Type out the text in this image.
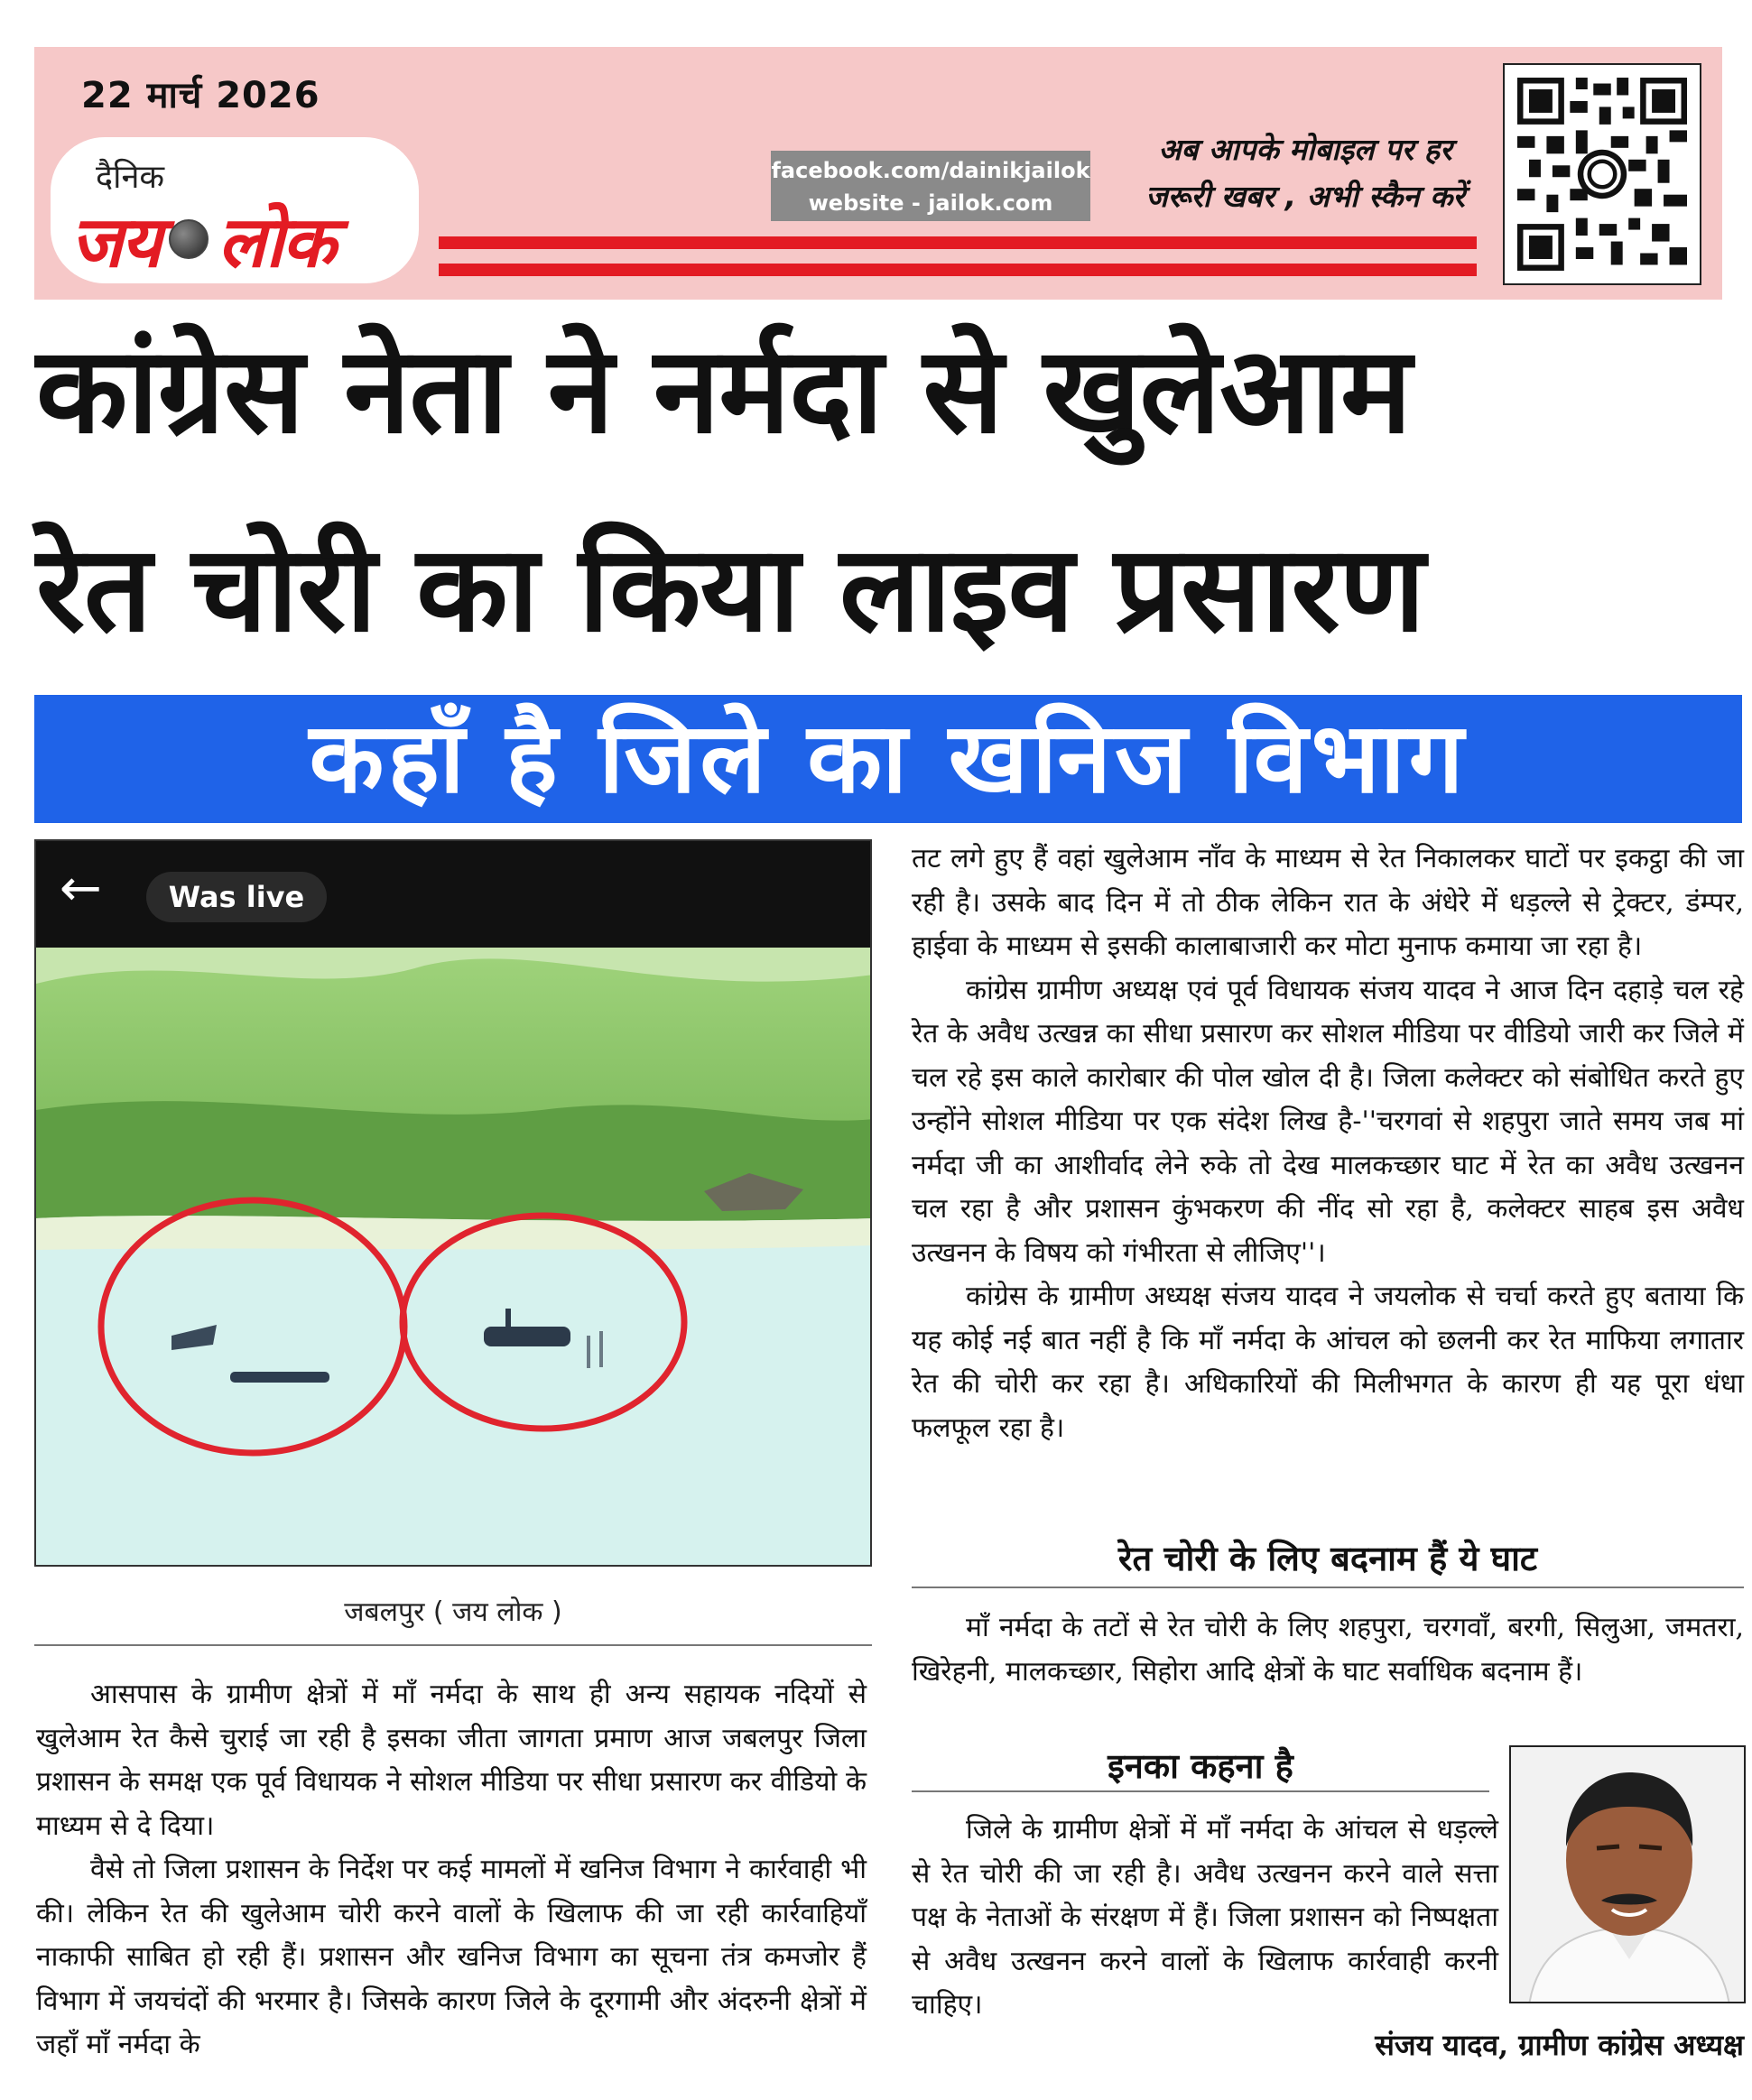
22 मार्च 2026
दैनिक
जय लोक
facebook.com/dainikjailok
website - jailok.com
अब आपके मोबाइल पर हर
जरूरी खबर , अभी स्कैन करें
कांग्रेस नेता ने नर्मदा से खुलेआम
रेत चोरी का किया लाइव प्रसारण
कहाँ है जिले का खनिज विभाग
←	Was live
जबलपुर ( जय लोक )

आसपास के ग्रामीण क्षेत्रों में माँ नर्मदा के साथ ही अन्य सहायक नदियों से खुलेआम रेत कैसे चुराई जा रही है इसका जीता जागता प्रमाण आज जबलपुर जिला प्रशासन के समक्ष एक पूर्व विधायक ने सोशल मीडिया पर सीधा प्रसारण कर वीडियो के माध्यम से दे दिया।

वैसे तो जिला प्रशासन के निर्देश पर कई मामलों में खनिज विभाग ने कार्रवाही भी की। लेकिन रेत की खुलेआम चोरी करने वालों के खिलाफ की जा रही कार्रवाहियाँ नाकाफी साबित हो रही हैं। प्रशासन और खनिज विभाग का सूचना तंत्र कमजोर हैं विभाग में जयचंदों की भरमार है। जिसके कारण जिले के दूरगामी और अंदरुनी क्षेत्रों में जहाँ माँ नर्मदा के

तट लगे हुए हैं वहां खुलेआम नाँव के माध्यम से रेत निकालकर घाटों पर इकट्ठा की जा रही है। उसके बाद दिन में तो ठीक लेकिन रात के अंधेरे में धड़ल्ले से ट्रेक्टर, डंम्पर, हाईवा के माध्यम से इसकी कालाबाजारी कर मोटा मुनाफ कमाया जा रहा है।

कांग्रेस ग्रामीण अध्यक्ष एवं पूर्व विधायक संजय यादव ने आज दिन दहाड़े चल रहे रेत के अवैध उत्खन्न का सीधा प्रसारण कर सोशल मीडिया पर वीडियो जारी कर जिले में चल रहे इस काले कारोबार की पोल खोल दी है। जिला कलेक्टर को संबोधित करते हुए उन्होंने सोशल मीडिया पर एक संदेश लिख है-''चरगवां से शहपुरा जाते समय जब मां नर्मदा जी का आशीर्वाद लेने रुके तो देख मालकच्छार घाट में रेत का अवैध उत्खनन चल रहा है और प्रशासन कुंभकरण की नींद सो रहा है, कलेक्टर साहब इस अवैध उत्खनन के विषय को गंभीरता से लीजिए''।

कांग्रेस के ग्रामीण अध्यक्ष संजय यादव ने जयलोक से चर्चा करते हुए बताया कि यह कोई नई बात नहीं है कि माँ नर्मदा के आंचल को छलनी कर रेत माफिया लगातार रेत की चोरी कर रहा है। अधिकारियों की मिलीभगत के कारण ही यह पूरा धंधा फलफूल रहा है।

रेत चोरी के लिए बदनाम हैं ये घाट

माँ नर्मदा के तटों से रेत चोरी के लिए शहपुरा, चरगवाँ, बरगी, सिलुआ, जमतरा, खिरेहनी, मालकच्छार, सिहोरा आदि क्षेत्रों के घाट सर्वाधिक बदनाम हैं।

इनका कहना है

जिले के ग्रामीण क्षेत्रों में माँ नर्मदा के आंचल से धड़ल्ले से रेत चोरी की जा रही है। अवैध उत्खनन करने वाले सत्ता पक्ष के नेताओं के संरक्षण में हैं। जिला प्रशासन को निष्पक्षता से अवैध उत्खनन करने वालों के खिलाफ कार्रवाही करनी चाहिए।

संजय यादव, ग्रामीण कांग्रेस अध्यक्ष
